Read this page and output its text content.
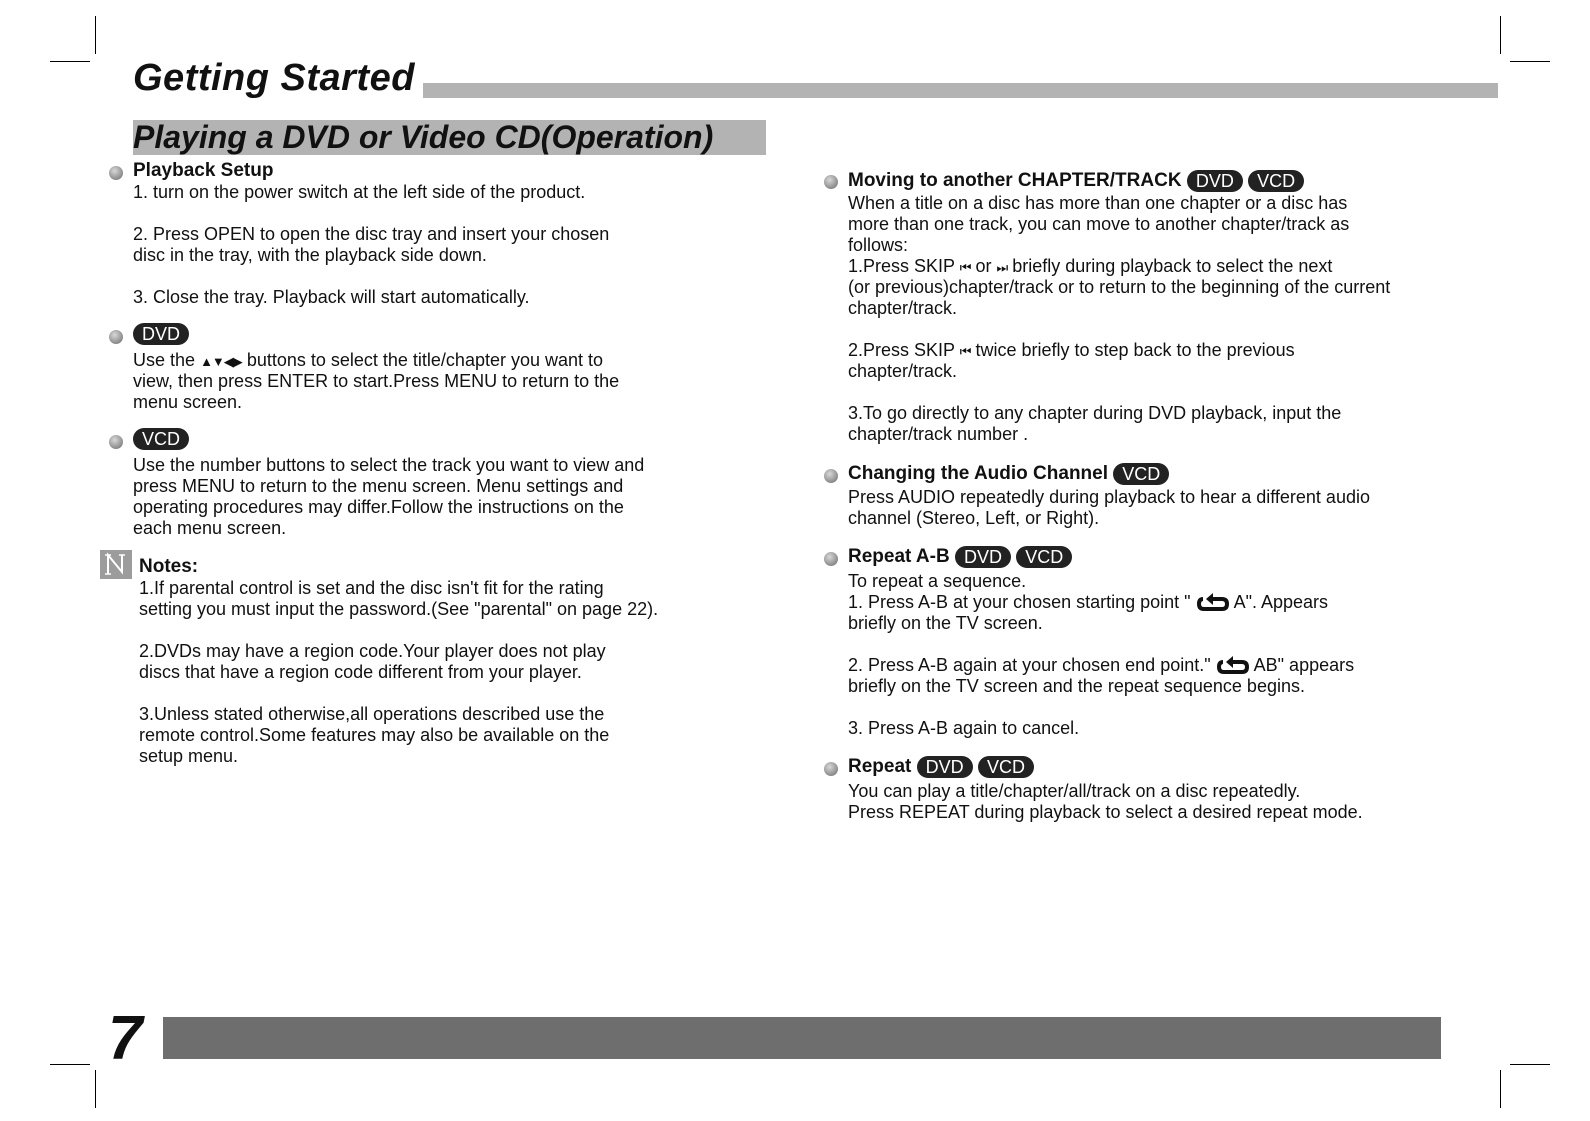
Getting Started
Playing a DVD or Video CD(Operation)
Playback Setup
1. turn on the power switch at the left side of the product.
2. Press OPEN to open the disc tray and insert your chosen
disc in the tray, with the playback side down.
3. Close the tray. Playback will start automatically.
DVD
Use the ▲▼◀▶ buttons to select the title/chapter you want to
view, then press ENTER to start.Press MENU to return to the
menu screen.
VCD
Use the number buttons to select the track you want to view and
press MENU to return to the menu screen. Menu settings and
operating procedures may differ.Follow the instructions on the
each menu screen.
Notes:
1.If parental control is set and the disc isn't fit for the rating
setting you must input the password.(See "parental" on page 22).
2.DVDs may have a region code.Your player does not play
discs that have a region code different from your player.
3.Unless stated otherwise,all operations described use the
remote control.Some features may also be available on the
setup menu.
Moving to another CHAPTER/TRACK DVD VCD
When a title on a disc has more than one chapter or a disc has
more than one track, you can move to another chapter/track as
follows:
1.Press SKIP ⏮ or ⏭ briefly during playback to select the next
(or previous)chapter/track or to return to the beginning of the current
chapter/track.
2.Press SKIP ⏮ twice briefly to step back to the previous
chapter/track.
3.To go directly to any chapter during DVD playback, input the
chapter/track number .
Changing the Audio Channel VCD
Press AUDIO repeatedly during playback to hear a different audio
channel (Stereo, Left, or Right).
Repeat A-B DVD VCD
To repeat a sequence.
1. Press A-B at your chosen starting point " A". Appears
briefly on the TV screen.
2. Press A-B again at your chosen end point." AB" appears
briefly on the TV screen and the repeat sequence begins.
3. Press A-B again to cancel.
Repeat DVD VCD
You can play a title/chapter/all/track on a disc repeatedly.
Press REPEAT during playback to select a desired repeat mode.
7
